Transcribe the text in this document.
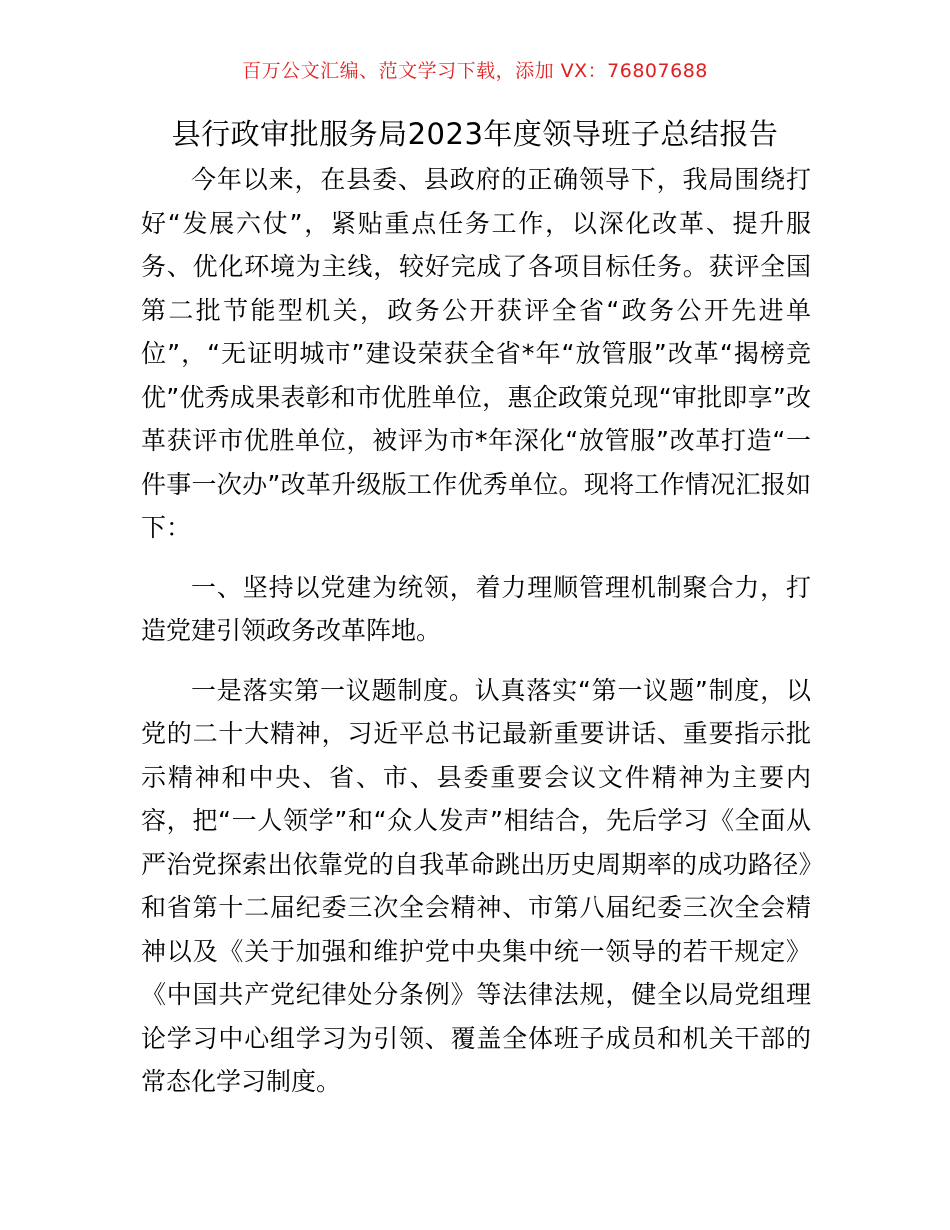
百万公文汇编、范文学习下载，添加 VX：76807688
县行政审批服务局2023年度领导班子总结报告

今年以来，在县委、县政府的正确领导下，我局围绕打好“发展六仗”，紧贴重点任务工作，以深化改革、提升服务、优化环境为主线，较好完成了各项目标任务。获评全国第二批节能型机关，政务公开获评全省“政务公开先进单位”，“无证明城市”建设荣获全省*年“放管服”改革“揭榜竞优”优秀成果表彰和市优胜单位，惠企政策兑现“审批即享”改革获评市优胜单位，被评为市*年深化“放管服”改革打造“一件事一次办”改革升级版工作优秀单位。现将工作情况汇报如下：

一、坚持以党建为统领，着力理顺管理机制聚合力，打造党建引领政务改革阵地。

一是落实第一议题制度。认真落实“第一议题”制度，以党的二十大精神，习近平总书记最新重要讲话、重要指示批示精神和中央、省、市、县委重要会议文件精神为主要内容，把“一人领学”和“众人发声”相结合，先后学习《全面从严治党探索出依靠党的自我革命跳出历史周期率的成功路径》和省第十二届纪委三次全会精神、市第八届纪委三次全会精神以及《关于加强和维护党中央集中统一领导的若干规定》《中国共产党纪律处分条例》等法律法规，健全以局党组理论学习中心组学习为引领、覆盖全体班子成员和机关干部的常态化学习制度。
